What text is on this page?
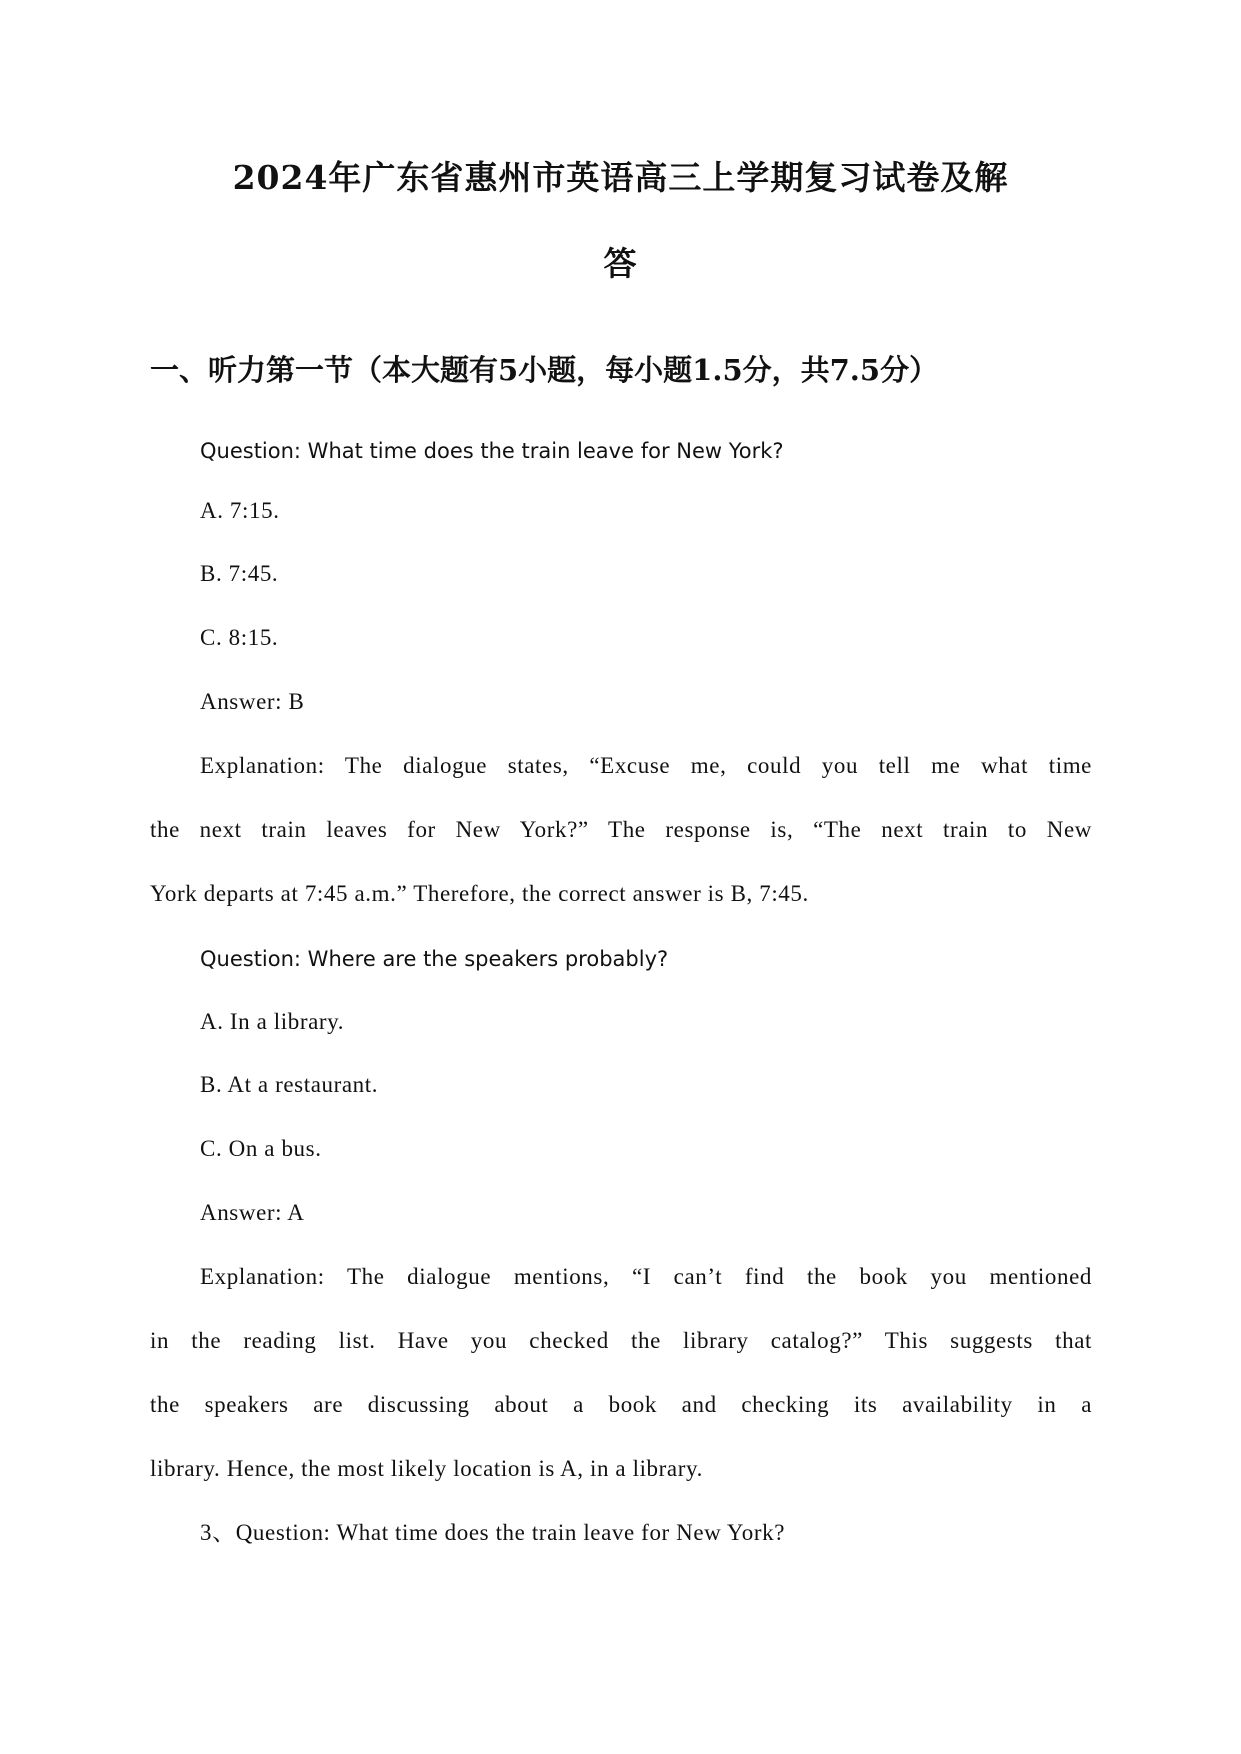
2024年广东省惠州市英语高三上学期复习试卷及解
答
一、听力第一节（本大题有5小题，每小题1.5分，共7.5分）

Question: What time does the train leave for New York?

A. 7:15.

B. 7:45.

C. 8:15.

Answer: B

Explanation: The dialogue states, “Excuse me, could you tell me what time

the next train leaves for New York?” The response is, “The next train to New

York departs at 7:45 a.m.” Therefore, the correct answer is B, 7:45.

Question: Where are the speakers probably?

A. In a library.

B. At a restaurant.

C. On a bus.

Answer: A

Explanation: The dialogue mentions, “I can’t find the book you mentioned

in the reading list. Have you checked the library catalog?” This suggests that

the speakers are discussing about a book and checking its availability in a

library. Hence, the most likely location is A, in a library.

3、Question: What time does the train leave for New York?
